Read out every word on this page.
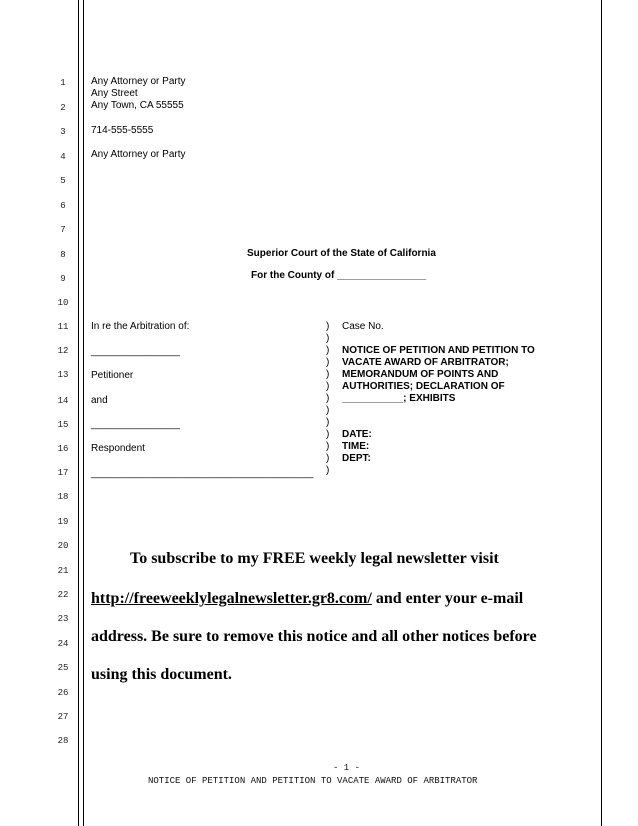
1
2
3
4
5
6
7
8
9
10
11
12
13
14
15
16
17
18
19
20
21
22
23
24
25
26
27
28
Any Attorney or Party
Any Street
Any Town, CA 55555
714-555-5555
Any Attorney or Party
Superior Court of the State of California
For the County of ________________
In re the Arbitration of:
________________
Petitioner
and
________________
Respondent
________________________________________
)
)
)
)
)
)
)
)
)
)
)
)
)
Case No.
NOTICE OF PETITION AND PETITION TO
VACATE AWARD OF ARBITRATOR;
MEMORANDUM OF POINTS AND
AUTHORITIES; DECLARATION OF
___________; EXHIBITS
DATE:
TIME:
DEPT:
To subscribe to my FREE weekly legal newsletter visit
http://freeweeklylegalnewsletter.gr8.com/ and enter your e-mail
address. Be sure to remove this notice and all other notices before
using this document.
- 1 -
NOTICE OF PETITION AND PETITION TO VACATE AWARD OF ARBITRATOR
